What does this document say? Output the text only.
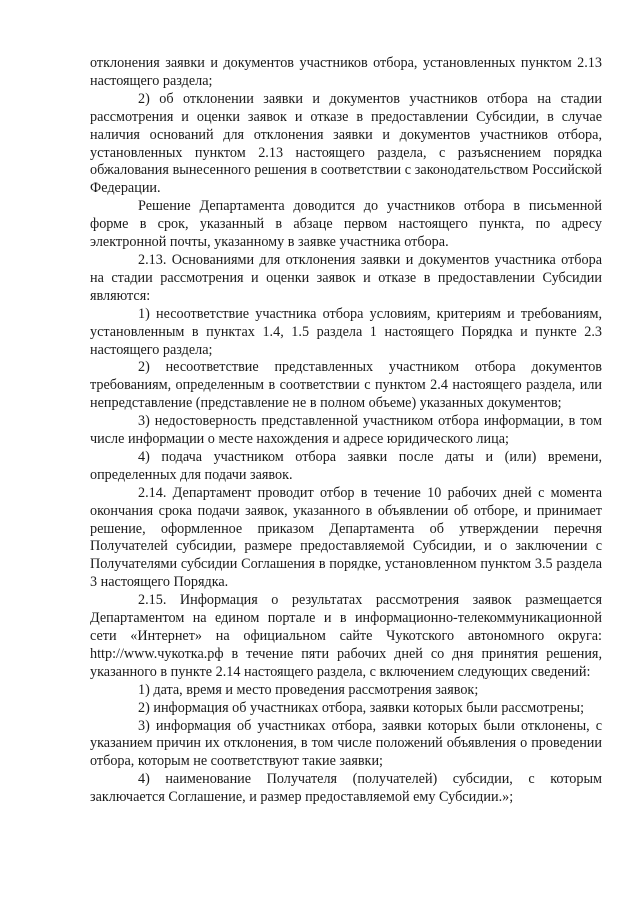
отклонения заявки и документов участников отбора, установленных пунктом 2.13 настоящего раздела;

2) об отклонении заявки и документов участников отбора на стадии рассмотрения и оценки заявок и отказе в предоставлении Субсидии, в случае наличия оснований для отклонения заявки и документов участников отбора, установленных пунктом 2.13 настоящего раздела, с разъяснением порядка обжалования вынесенного решения в соответствии с законодательством Российской Федерации.

Решение Департамента доводится до участников отбора в письменной форме в срок, указанный в абзаце первом настоящего пункта, по адресу электронной почты, указанному в заявке участника отбора.

2.13. Основаниями для отклонения заявки и документов участника отбора на стадии рассмотрения и оценки заявок и отказе в предоставлении Субсидии являются:

1) несоответствие участника отбора условиям, критериям и требованиям, установленным в пунктах 1.4, 1.5 раздела 1 настоящего Порядка и пункте 2.3 настоящего раздела;

2) несоответствие представленных участником отбора документов требованиям, определенным в соответствии с пунктом 2.4 настоящего раздела, или непредставление (представление не в полном объеме) указанных документов;

3) недостоверность представленной участником отбора информации, в том числе информации о месте нахождения и адресе юридического лица;

4) подача участником отбора заявки после даты и (или) времени, определенных для подачи заявок.

2.14. Департамент проводит отбор в течение 10 рабочих дней с момента окончания срока подачи заявок, указанного в объявлении об отборе, и принимает решение, оформленное приказом Департамента об утверждении перечня Получателей субсидии, размере предоставляемой Субсидии, и о заключении с Получателями субсидии Соглашения в порядке, установленном пунктом 3.5 раздела 3 настоящего Порядка.

2.15. Информация о результатах рассмотрения заявок размещается Департаментом на едином портале и в информационно-телекоммуникационной сети «Интернет» на официальном сайте Чукотского автономного округа: http://www.чукотка.рф в течение пяти рабочих дней со дня принятия решения, указанного в пункте 2.14 настоящего раздела, с включением следующих сведений:

1) дата, время и место проведения рассмотрения заявок;

2) информация об участниках отбора, заявки которых были рассмотрены;

3) информация об участниках отбора, заявки которых были отклонены, с указанием причин их отклонения, в том числе положений объявления о проведении отбора, которым не соответствуют такие заявки;

4) наименование Получателя (получателей) субсидии, с которым заключается Соглашение, и размер предоставляемой ему Субсидии.»;
